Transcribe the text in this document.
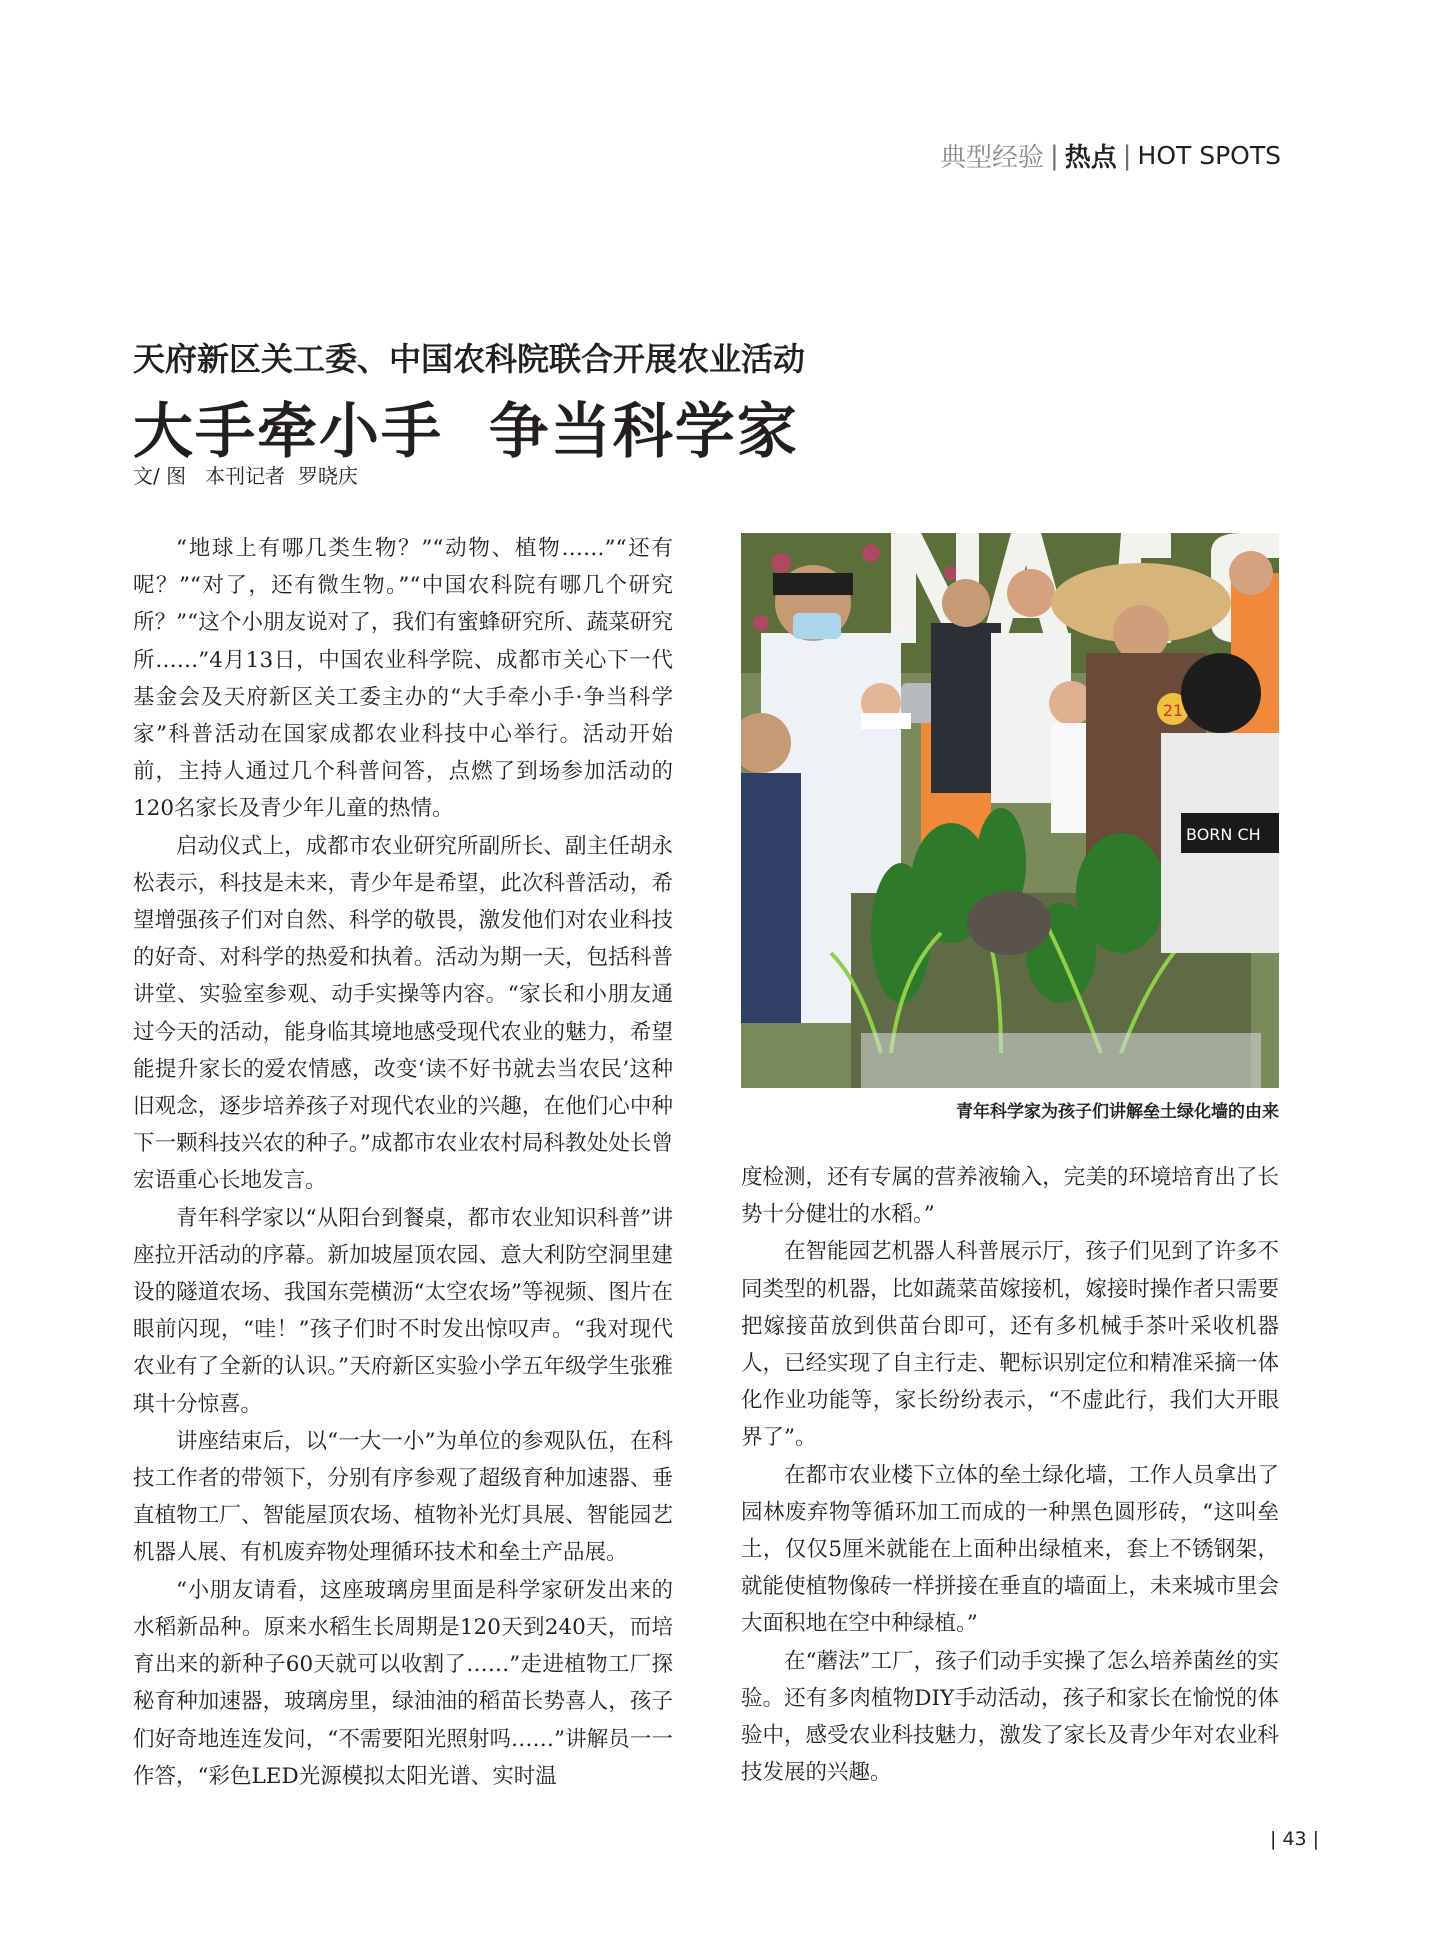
典型经验 | 热点 | HOT SPOTS
天府新区关工委、中国农科院联合开展农业活动
大手牵小手  争当科学家
文/ 图   本刊记者  罗晓庆

“地球上有哪几类生物？”“动物、植物……”“还有呢？”“对了，还有微生物。”“中国农科院有哪几个研究所？”“这个小朋友说对了，我们有蜜蜂研究所、蔬菜研究所……”4月13日，中国农业科学院、成都市关心下一代基金会及天府新区关工委主办的“大手牵小手·争当科学家”科普活动在国家成都农业科技中心举行。活动开始前，主持人通过几个科普问答，点燃了到场参加活动的120名家长及青少年儿童的热情。

启动仪式上，成都市农业研究所副所长、副主任胡永松表示，科技是未来，青少年是希望，此次科普活动，希望增强孩子们对自然、科学的敬畏，激发他们对农业科技的好奇、对科学的热爱和执着。活动为期一天，包括科普讲堂、实验室参观、动手实操等内容。“家长和小朋友通过今天的活动，能身临其境地感受现代农业的魅力，希望能提升家长的爱农情感，改变‘读不好书就去当农民’这种旧观念，逐步培养孩子对现代农业的兴趣，在他们心中种下一颗科技兴农的种子。”成都市农业农村局科教处处长曾宏语重心长地发言。

青年科学家以“从阳台到餐桌，都市农业知识科普”讲座拉开活动的序幕。新加坡屋顶农园、意大利防空洞里建设的隧道农场、我国东莞横沥“太空农场”等视频、图片在眼前闪现，“哇！”孩子们时不时发出惊叹声。“我对现代农业有了全新的认识。”天府新区实验小学五年级学生张雅琪十分惊喜。

讲座结束后，以“一大一小”为单位的参观队伍，在科技工作者的带领下，分别有序参观了超级育种加速器、垂直植物工厂、智能屋顶农场、植物补光灯具展、智能园艺机器人展、有机废弃物处理循环技术和垒土产品展。

“小朋友请看，这座玻璃房里面是科学家研发出来的水稻新品种。原来水稻生长周期是120天到240天，而培育出来的新种子60天就可以收割了……”走进植物工厂探秘育种加速器，玻璃房里，绿油油的稻苗长势喜人，孩子们好奇地连连发问，“不需要阳光照射吗……”讲解员一一作答，“彩色LED光源模拟太阳光谱、实时温

21
BORN CH
青年科学家为孩子们讲解垒土绿化墙的由来

度检测，还有专属的营养液输入，完美的环境培育出了长势十分健壮的水稻。”

在智能园艺机器人科普展示厅，孩子们见到了许多不同类型的机器，比如蔬菜苗嫁接机，嫁接时操作者只需要把嫁接苗放到供苗台即可，还有多机械手茶叶采收机器人，已经实现了自主行走、靶标识别定位和精准采摘一体化作业功能等，家长纷纷表示，“不虚此行，我们大开眼界了”。

在都市农业楼下立体的垒土绿化墙，工作人员拿出了园林废弃物等循环加工而成的一种黑色圆形砖，“这叫垒土，仅仅5厘米就能在上面种出绿植来，套上不锈钢架，就能使植物像砖一样拼接在垂直的墙面上，未来城市里会大面积地在空中种绿植。”

在“蘑法”工厂，孩子们动手实操了怎么培养菌丝的实验。还有多肉植物DIY手动活动，孩子和家长在愉悦的体验中，感受农业科技魅力，激发了家长及青少年对农业科技发展的兴趣。

| 43 |
